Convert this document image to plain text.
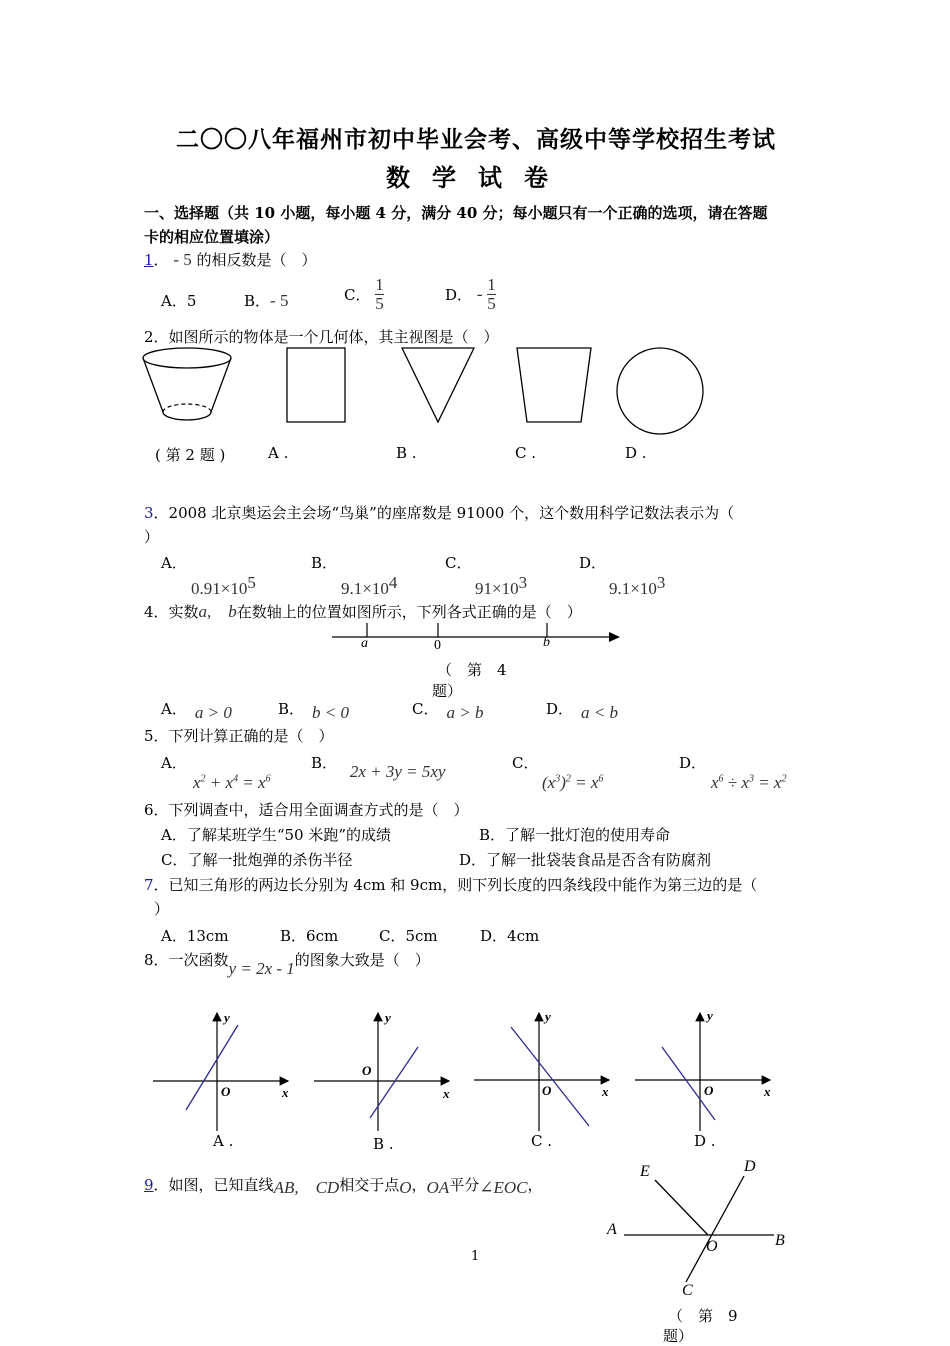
二〇〇八年福州市初中毕业会考、高级中等学校招生考试
数学试卷
一、选择题（共 10 小题，每小题 4 分，满分 40 分；每小题只有一个正确的选项，请在答题
卡的相应位置填涂）
1． - 5 的相反数是（　）
A．5	B．- 5	C． $\frac{1}{5}$	D． - $\frac{1}{5}$
2．如图所示的物体是一个几何体，其主视图是（　）
( 第 2 题 )	A .	B .	C .	D .
3．2008 北京奥运会主会场“鸟巢”的座席数是 91000 个，这个数用科学记数法表示为（
）
A．
$0.91\times 10^5$
B．
$9.1\times 10^4$
C．
$91\times 10^3$
D．
$9.1\times 10^3$
4．实数a,　b在数轴上的位置如图所示，下列各式正确的是（　）
a	0	b
（　第　4
题）
A． a > 0	B． b < 0	C． a > b	D． a < b
5．下列计算正确的是（　）
A．
$x^2 + x^4 = x^6$
B． 2x + 3y = 5xy	C．
$(x^3)^2 = x^6$
D．
$x^6 \div x^3 = x^2$
6．下列调查中，适合用全面调查方式的是（　）
A．了解某班学生“50 米跑”的成绩	B．了解一批灯泡的使用寿命
C．了解一批炮弹的杀伤半径	D．了解一批袋装食品是否含有防腐剂
7．已知三角形的两边长分别为 4cm 和 9cm，则下列长度的四条线段中能作为第三边的是（
）
A．13cm	B．6cm	C．5cm	D．4cm
8．一次函数y = 2x - 1的图象大致是（　）
y
O	x
A .
y
O
x
B .
y
O	x
C .
y
O	x
D .
9．如图，已知直线AB,　CD相交于点O，OA平分∠EOC，
E	D
A
B
O
C
（　第　9
题）
1
